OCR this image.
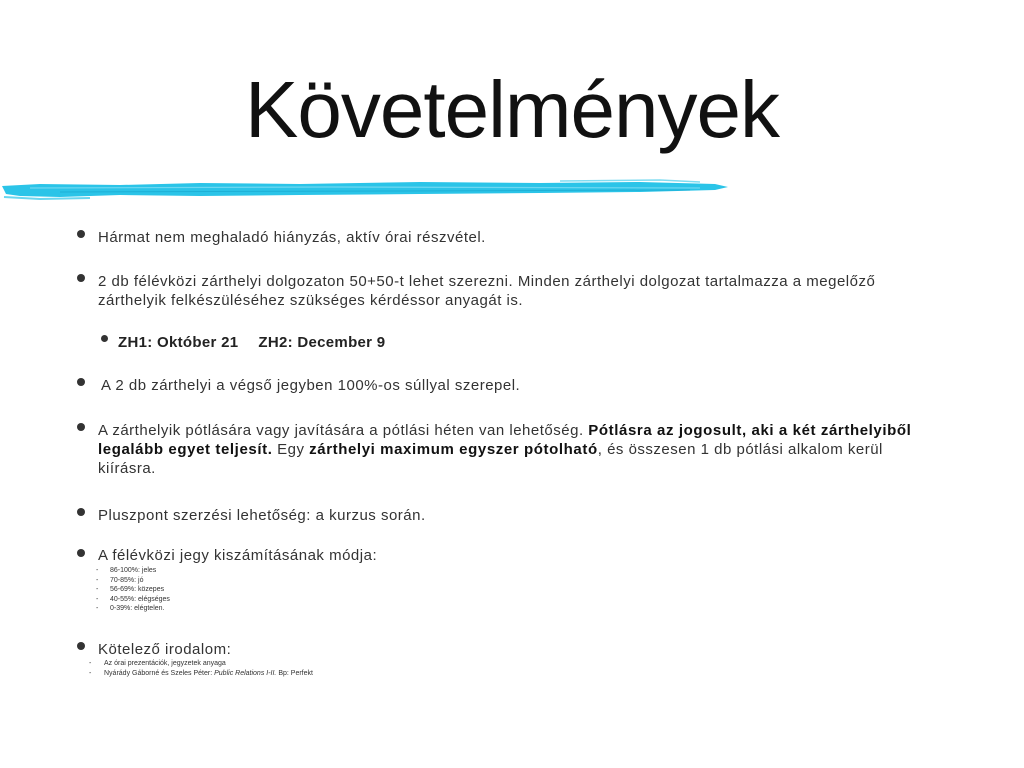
Követelmények
Hármat nem meghaladó hiányzás, aktív órai részvétel.
2 db félévközi zárthelyi dolgozaton 50+50-t lehet szerezni. Minden zárthelyi dolgozat tartalmazza a megelőző
zárthelyik felkészüléséhez szükséges kérdéssor anyagát is.
ZH1: Október 21 ZH2: December 9
A 2 db zárthelyi a végső jegyben 100%-os súllyal szerepel.
A zárthelyik pótlására vagy javítására a pótlási héten van lehetőség. Pótlásra az jogosult, aki a két zárthelyiből legalább egyet teljesít. Egy zárthelyi maximum egyszer pótolható, és összesen 1 db pótlási alkalom kerül kiírásra.
Pluszpont szerzési lehetőség: a kurzus során.
A félévközi jegy kiszámításának módja:
- 86-100%: jeles
- 70-85%: jó
- 56-69%: közepes
- 40-55%: elégséges
- 0-39%: elégtelen.
Kötelező irodalom:
- Az órai prezentációk, jegyzetek anyaga
- Nyárády Gáborné és Szeles Péter: Public Relations I-II. Bp: Perfekt
